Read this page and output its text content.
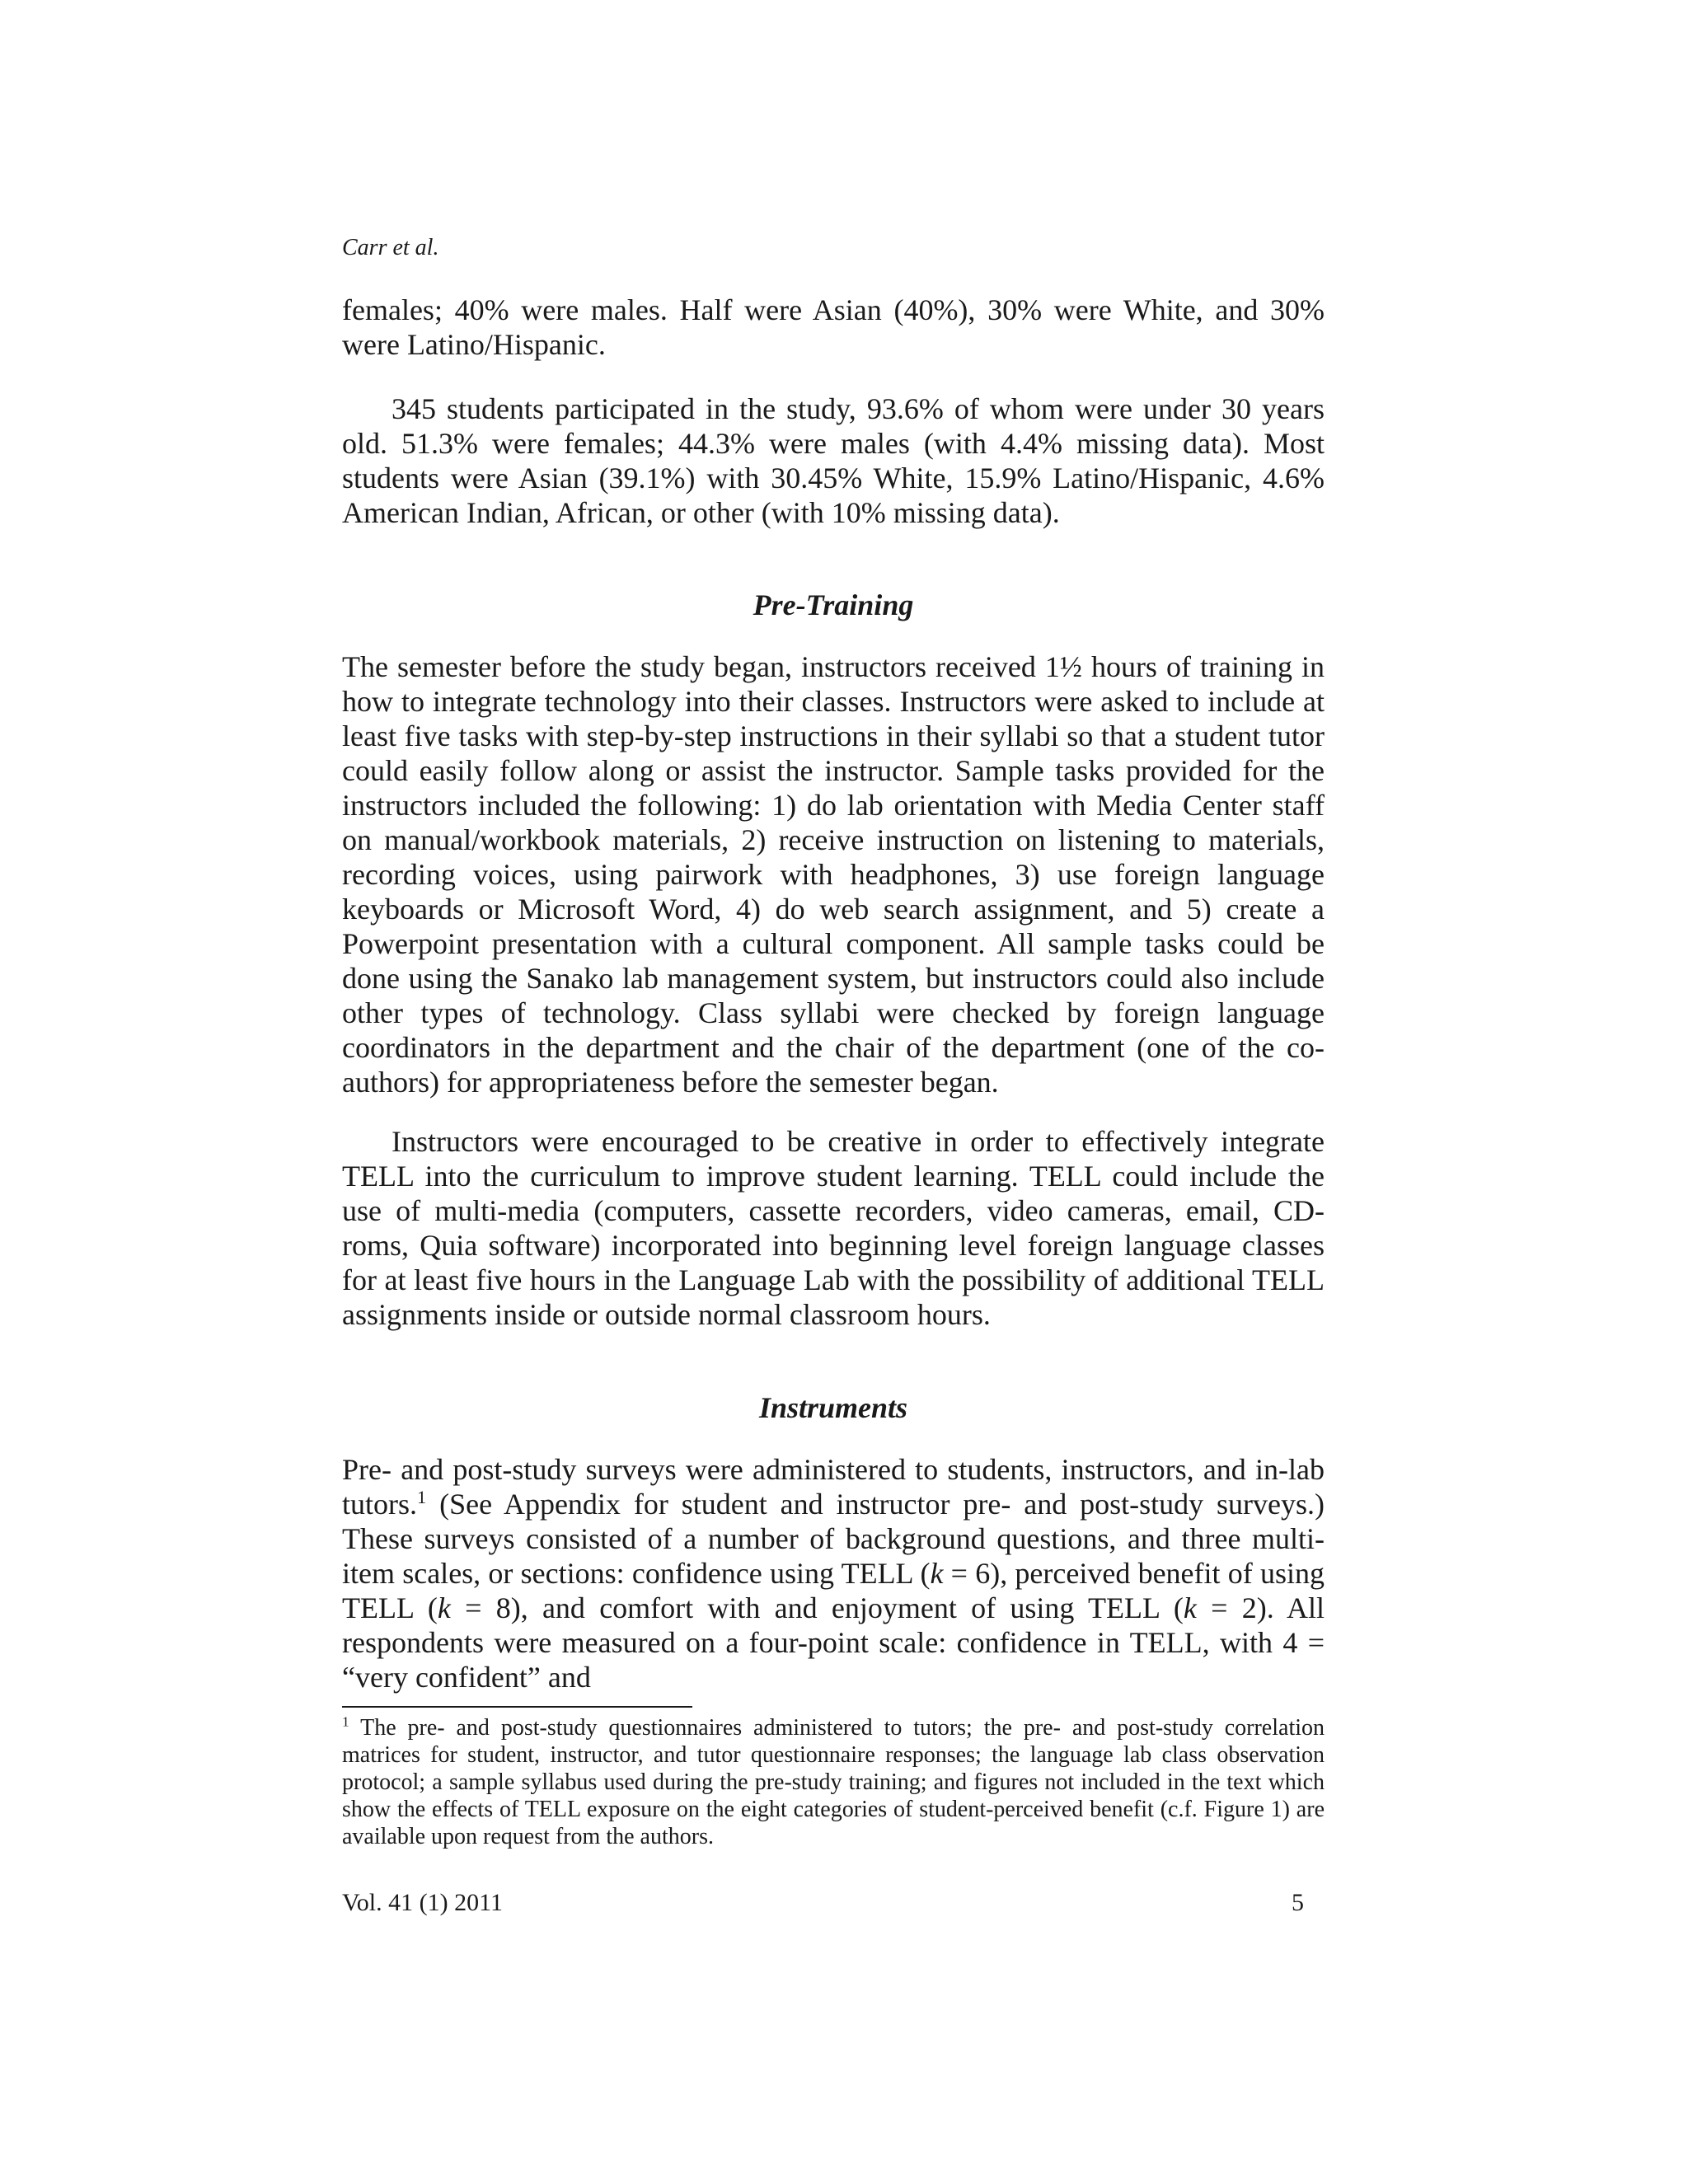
Carr et al.

females; 40% were males. Half were Asian (40%), 30% were White, and 30% were Latino/Hispanic.

345 students participated in the study, 93.6% of whom were under 30 years old. 51.3% were females; 44.3% were males (with 4.4% missing data). Most students were Asian (39.1%) with 30.45% White, 15.9% Latino/Hispanic, 4.6% American Indian, African, or other (with 10% missing data).

Pre-Training

The semester before the study began, instructors received 1½ hours of training in how to integrate technology into their classes. Instructors were asked to include at least five tasks with step-by-step instructions in their syllabi so that a student tutor could easily follow along or assist the instructor. Sample tasks provided for the instructors included the following: 1) do lab orientation with Media Center staff on manual/workbook materials, 2) receive instruction on listening to materials, recording voices, using pairwork with headphones, 3) use foreign language keyboards or Microsoft Word, 4) do web search assignment, and 5) create a Powerpoint presentation with a cultural component. All sample tasks could be done using the Sanako lab management system, but instructors could also include other types of technology. Class syllabi were checked by foreign language coordinators in the department and the chair of the department (one of the co-authors) for appropriateness before the semester began.

Instructors were encouraged to be creative in order to effectively integrate TELL into the curriculum to improve student learning. TELL could include the use of multi-media (computers, cassette recorders, video cameras, email, CD-roms, Quia software) incorporated into beginning level foreign language classes for at least five hours in the Language Lab with the possibility of additional TELL assignments inside or outside normal classroom hours.

Instruments

Pre- and post-study surveys were administered to students, instructors, and in-lab tutors.$^1$ (See Appendix for student and instructor pre- and post-study surveys.) These surveys consisted of a number of background questions, and three multi-item scales, or sections: confidence using TELL (k = 6), perceived benefit of using TELL (k = 8), and comfort with and enjoyment of using TELL (k = 2). All respondents were measured on a four-point scale: confidence in TELL, with 4 = “very confident” and

$^1$ The pre- and post-study questionnaires administered to tutors; the pre- and post-study correlation matrices for student, instructor, and tutor questionnaire responses; the language lab class observation protocol; a sample syllabus used during the pre-study training; and figures not included in the text which show the effects of TELL exposure on the eight categories of student-perceived benefit (c.f. Figure 1) are available upon request from the authors.

Vol. 41 (1) 2011	5
